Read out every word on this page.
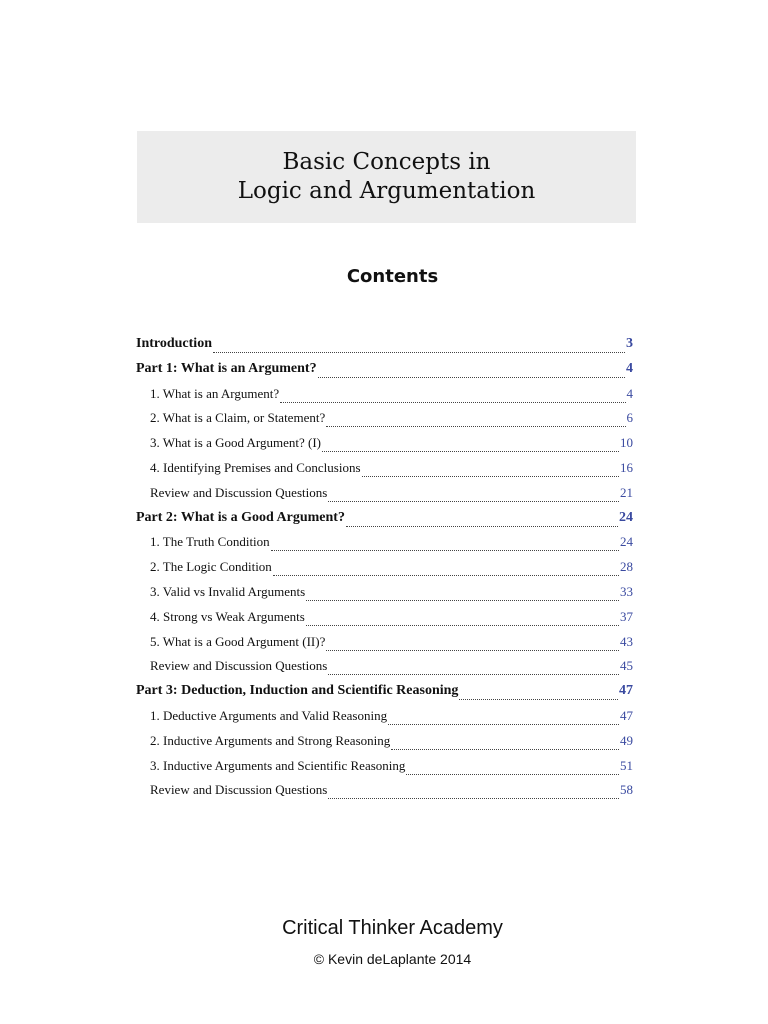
Basic Concepts in
Logic and Argumentation
Contents
Introduction	3
Part 1: What is an Argument?	4
1. What is an Argument?	4
2. What is a Claim, or Statement?	6
3. What is a Good Argument? (I)	10
4. Identifying Premises and Conclusions	16
Review and Discussion Questions	21
Part 2: What is a Good Argument?	24
1. The Truth Condition	24
2. The Logic Condition	28
3. Valid vs Invalid Arguments	33
4. Strong vs Weak Arguments	37
5. What is a Good Argument (II)?	43
Review and Discussion Questions	45
Part 3: Deduction, Induction and Scientific Reasoning	47
1. Deductive Arguments and Valid Reasoning	47
2. Inductive Arguments and Strong Reasoning	49
3. Inductive Arguments and Scientific Reasoning	51
Review and Discussion Questions	58
Critical Thinker Academy
© Kevin deLaplante 2014
